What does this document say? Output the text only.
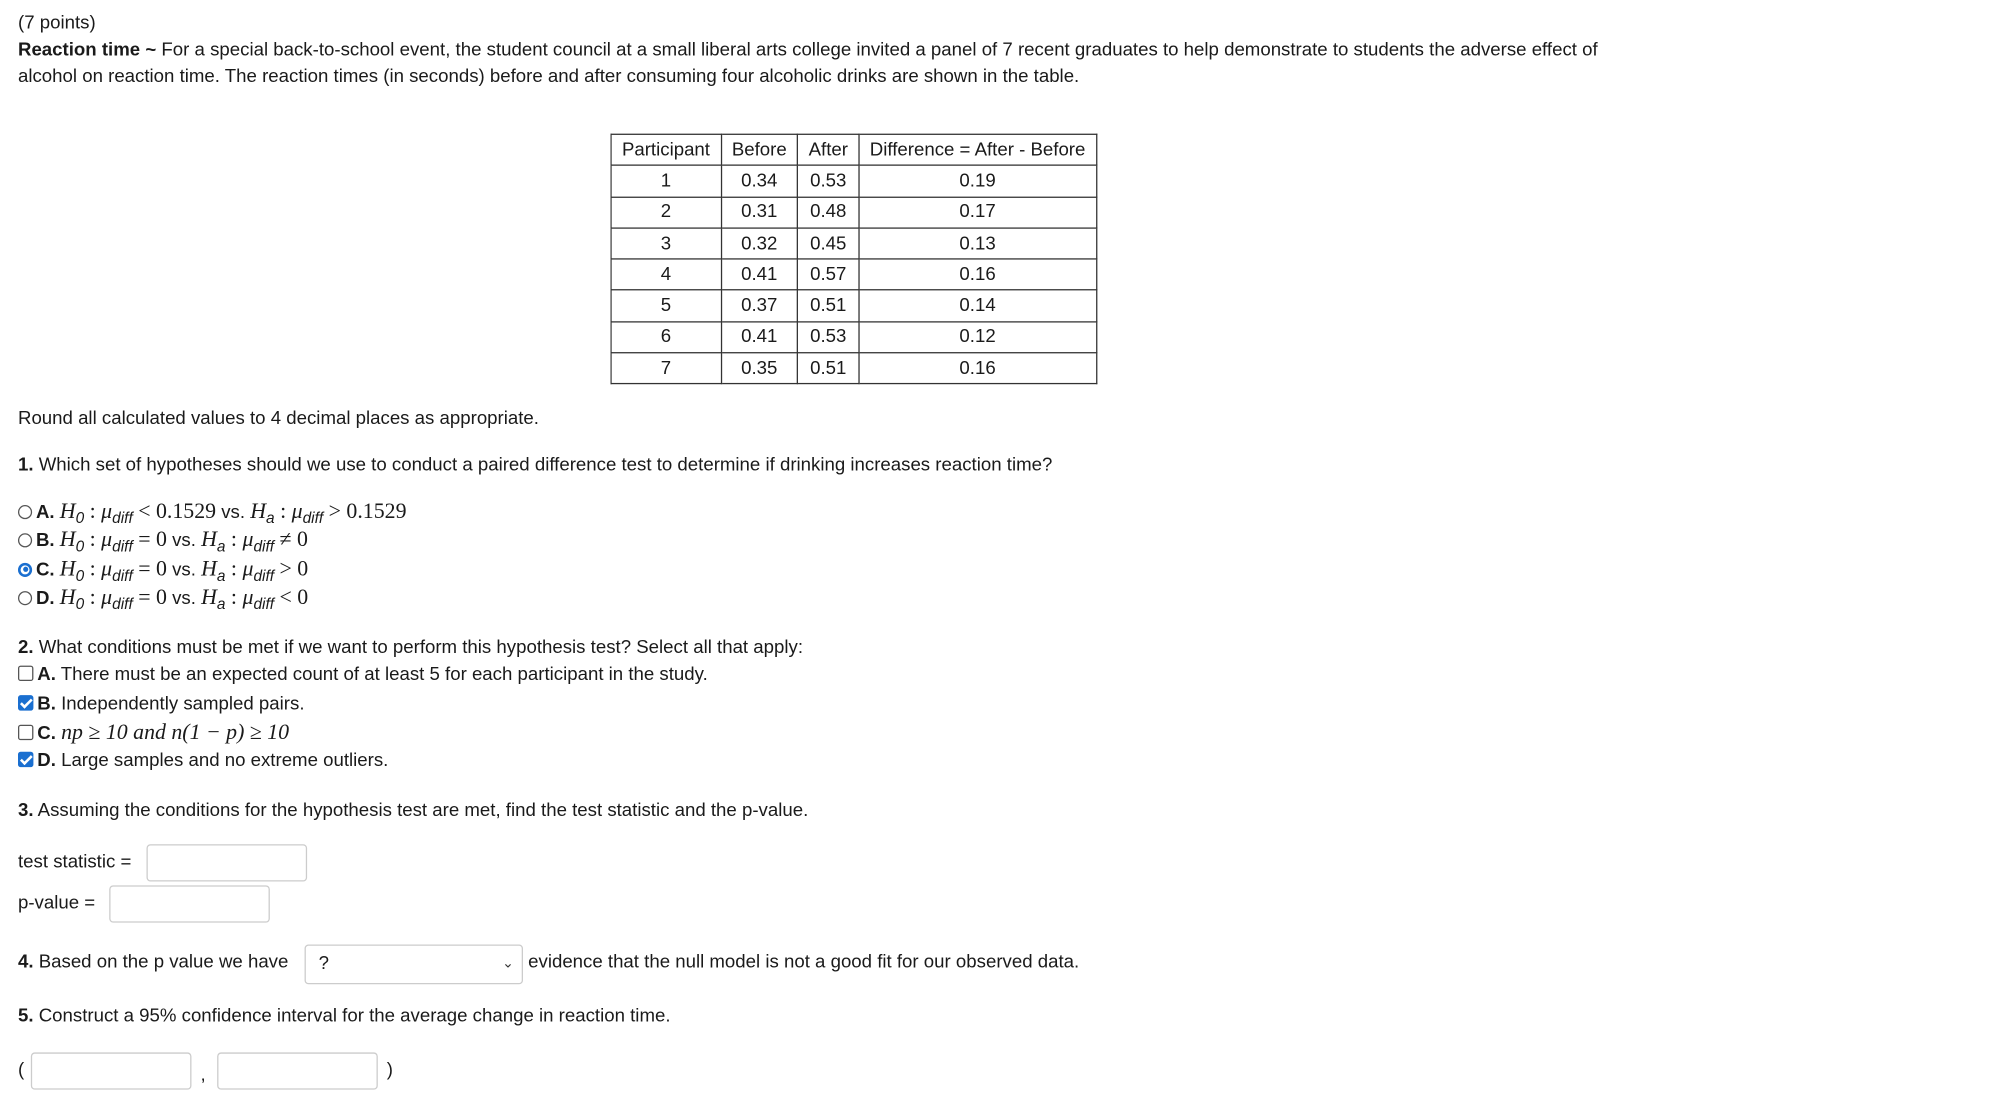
(7 points)
Reaction time ~ For a special back-to-school event, the student council at a small liberal arts college invited a panel of 7 recent graduates to help demonstrate to students the adverse effect of
alcohol on reaction time. The reaction times (in seconds) before and after consuming four alcoholic drinks are shown in the table.
Participant	Before	After	Difference = After - Before
1	0.34	0.53	0.19
2	0.31	0.48	0.17
3	0.32	0.45	0.13
4	0.41	0.57	0.16
5	0.37	0.51	0.14
6	0.41	0.53	0.12
7	0.35	0.51	0.16
Round all calculated values to 4 decimal places as appropriate.
1. Which set of hypotheses should we use to conduct a paired difference test to determine if drinking increases reaction time?
A. $H_0$ : $\mu_{diff} < 0.1529$ vs. $H_a$ : $\mu_{diff} > 0.1529$
B. $H_0$ : $\mu_{diff} = 0$ vs. $H_a$ : $\mu_{diff} \ne 0$
C. $H_0$ : $\mu_{diff} = 0$ vs. $H_a$ : $\mu_{diff} > 0$
D. $H_0$ : $\mu_{diff} = 0$ vs. $H_a$ : $\mu_{diff} < 0$
2. What conditions must be met if we want to perform this hypothesis test? Select all that apply:
A. There must be an expected count of at least 5 for each participant in the study.
B. Independently sampled pairs.
C. np ≥ 10 and n(1 − p) ≥ 10
D. Large samples and no extreme outliers.
3. Assuming the conditions for the hypothesis test are met, find the test statistic and the p-value.
test statistic =
p-value =
4. Based on the p value we have	?	⌄ evidence that the null model is not a good fit for our observed data.
5. Construct a 95% confidence interval for the average change in reaction time.
(	,	)
